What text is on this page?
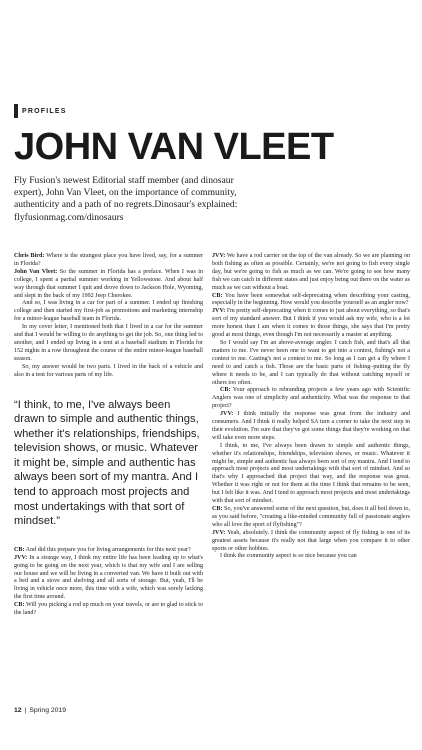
PROFILES
JOHN VAN VLEET

Fly Fusion's newest Editorial staff member (and dinosaur

expert), John Van Vleet, on the importance of community,

authenticity and a path of no regrets.Dinosaur's explained:

flyfusionmag.com/dinosaurs

Chris Bird: Where is the strangest place you have lived, say, for a summer in Florida?

John Van Vleet: So the summer in Florida has a preface. When I was in college, I spent a partial summer working in Yellowstone. And about half way through that summer I quit and drove down to Jackson Hole, Wyoming, and slept in the back of my 1992 Jeep Cherokee.

And so, I was living in a car for part of a summer. I ended up finishing college and then started my first-job as promotions and marketing internship for a minor-league baseball team in Florida.

In my cover letter, I mentioned both that I lived in a car for the summer and that I would be willing to do anything to get the job. So, one thing led to another, and I ended up living in a tent at a baseball stadium in Florida for 152 nights in a row throughout the course of the entire minor-league baseball season.

So, my answer would be two parts. I lived in the back of a vehicle and also in a tent for various parts of my life.

“I think, to me, I've always been drawn to simple and authentic things, whether it's relationships, friendships, television shows, or music. Whatever it might be, simple and authentic has always been sort of my mantra. And I tend to approach most projects and most undertakings with that sort of mindset.”

CB: And did this prepare you for living arrangements for this next year?

JVV: In a strange way, I think my entire life has been leading up to what's going to be going on the next year, which is that my wife and I are selling our house and we will be living in a converted van. We have it built out with a bed and a stove and shelving and all sorts of storage. But, yeah, I'll be living in vehicle once more, this time with a wife, which was sorely lacking the first time around.

CB: Will you picking a rod up much on your travels, or are to glad to stick to the land?

JVV: We have a rod carrier on the top of the van already. So we are planning on both fishing as often as possible. Certainly, we're not going to fish every single day, but we're going to fish as much as we can. We're going to see how many fish we can catch in different states and just enjoy being out there on the water as much as we can without a boat.

CB: You have been somewhat self-deprecating when describing your casting, especially in the beginning. How would you describe yourself as an angler now?

JVV: I'm pretty self-deprecating when it comes to just about everything, so that's sort of my standard answer. But I think if you would ask my wife, who is a lot more honest than I am when it comes to those things, she says that I'm pretty good at most things, even though I'm not necessarily a master at anything.

So I would say I'm an above-average angler. I catch fish, and that's all that matters to me. I've never been one to want to get into a contest, fishing's not a contest to me. Casting's not a contest to me. So long as I can get a fly where I need to and catch a fish. Those are the basic parts of fishing–putting the fly where it needs to be, and I can typically do that without catching myself or others too often.

CB: Your approach to rebranding projects a few years ago with Scientific Anglers was one of simplicity and authenticity. What was the response to that project?

JVV: I think initially the response was great from the industry and consumers. And I think it really helped SA turn a corner to take the next step in their evolution. I'm sure that they've got some things that they're working on that will take even more steps.

I think, to me, I've always been drawn to simple and authentic things, whether it's relationships, friendships, television shows, or music. Whatever it might be, simple and authentic has always been sort of my mantra. And I tend to approach most projects and most undertakings with that sort of mindset. And so that's why I approached that project that way, and the response was great. Whether it was right or not for them at the time I think that remains to be seen, but I felt like it was. And I tend to approach most projects and most undertakings with that sort of mindset.

CB: So, you've answered some of the next question, but, does it all boil down to, as you said before, "creating a like-minded community full of passionate anglers who all love the sport of flyfishing"?

JVV: Yeah, absolutely. I think the community aspect of fly fishing is one of its greatest assets because it's really not that large when you compare it to other sports or other hobbies.

I think the community aspect is so nice because you can

12 | Spring 2019
